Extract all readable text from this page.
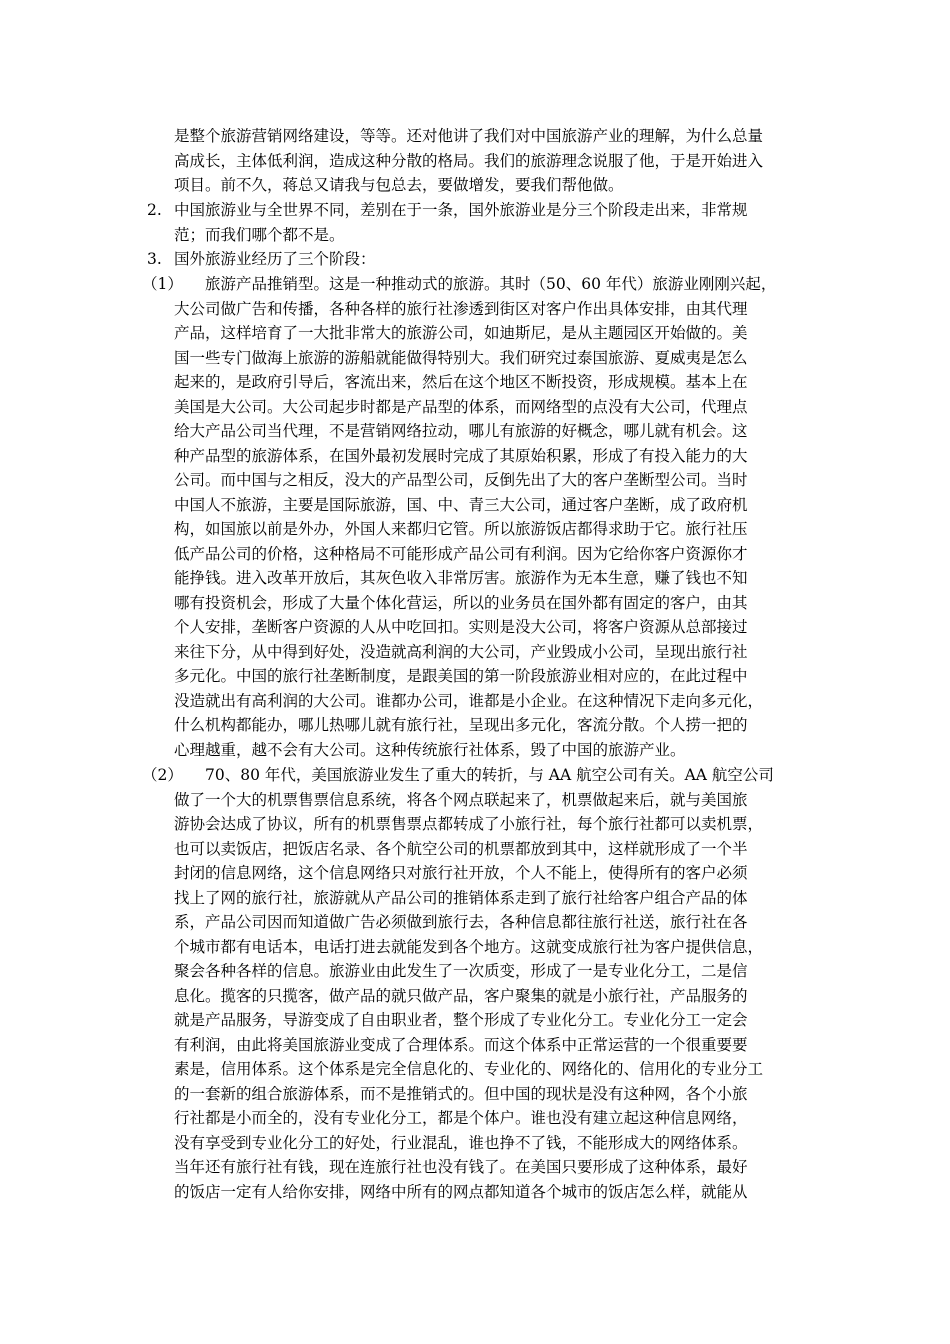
是整个旅游营销网络建设，等等。还对他讲了我们对中国旅游产业的理解，为什么总量

高成长，主体低利润，造成这种分散的格局。我们的旅游理念说服了他，于是开始进入

项目。前不久，蒋总又请我与包总去，要做增发，要我们帮他做。

2. 中国旅游业与全世界不同，差别在于一条，国外旅游业是分三个阶段走出来，非常规

范；而我们哪个都不是。

3. 国外旅游业经历了三个阶段：

（1）

　　旅游产品推销型。这是一种推动式的旅游。其时（50、60 年代）旅游业刚刚兴起，

大公司做广告和传播，各种各样的旅行社渗透到街区对客户作出具体安排，由其代理

产品，这样培育了一大批非常大的旅游公司，如迪斯尼，是从主题园区开始做的。美

国一些专门做海上旅游的游船就能做得特别大。我们研究过泰国旅游、夏威夷是怎么

起来的，是政府引导后，客流出来，然后在这个地区不断投资，形成规模。基本上在

美国是大公司。大公司起步时都是产品型的体系，而网络型的点没有大公司，代理点

给大产品公司当代理，不是营销网络拉动，哪儿有旅游的好概念，哪儿就有机会。这

种产品型的旅游体系，在国外最初发展时完成了其原始积累，形成了有投入能力的大

公司。而中国与之相反，没大的产品型公司，反倒先出了大的客户垄断型公司。当时

中国人不旅游，主要是国际旅游，国、中、青三大公司，通过客户垄断，成了政府机

构，如国旅以前是外办，外国人来都归它管。所以旅游饭店都得求助于它。旅行社压

低产品公司的价格，这种格局不可能形成产品公司有利润。因为它给你客户资源你才

能挣钱。进入改革开放后，其灰色收入非常厉害。旅游作为无本生意，赚了钱也不知

哪有投资机会，形成了大量个体化营运，所以的业务员在国外都有固定的客户，由其

个人安排，垄断客户资源的人从中吃回扣。实则是没大公司，将客户资源从总部接过

来往下分，从中得到好处，没造就高利润的大公司，产业毁成小公司，呈现出旅行社

多元化。中国的旅行社垄断制度，是跟美国的第一阶段旅游业相对应的，在此过程中

没造就出有高利润的大公司。谁都办公司，谁都是小企业。在这种情况下走向多元化，

什么机构都能办，哪儿热哪儿就有旅行社，呈现出多元化，客流分散。个人捞一把的

心理越重，越不会有大公司。这种传统旅行社体系，毁了中国的旅游产业。

（2）

　　70、80 年代，美国旅游业发生了重大的转折，与 AA 航空公司有关。AA 航空公司

做了一个大的机票售票信息系统，将各个网点联起来了，机票做起来后，就与美国旅

游协会达成了协议，所有的机票售票点都转成了小旅行社，每个旅行社都可以卖机票，

也可以卖饭店，把饭店名录、各个航空公司的机票都放到其中，这样就形成了一个半

封闭的信息网络，这个信息网络只对旅行社开放，个人不能上，使得所有的客户必须

找上了网的旅行社，旅游就从产品公司的推销体系走到了旅行社给客户组合产品的体

系，产品公司因而知道做广告必须做到旅行去，各种信息都往旅行社送，旅行社在各

个城市都有电话本，电话打进去就能发到各个地方。这就变成旅行社为客户提供信息，

聚会各种各样的信息。旅游业由此发生了一次质变，形成了一是专业化分工，二是信

息化。揽客的只揽客，做产品的就只做产品，客户聚集的就是小旅行社，产品服务的

就是产品服务，导游变成了自由职业者，整个形成了专业化分工。专业化分工一定会

有利润，由此将美国旅游业变成了合理体系。而这个体系中正常运营的一个很重要要

素是，信用体系。这个体系是完全信息化的、专业化的、网络化的、信用化的专业分工

的一套新的组合旅游体系，而不是推销式的。但中国的现状是没有这种网，各个小旅

行社都是小而全的，没有专业化分工，都是个体户。谁也没有建立起这种信息网络，

没有享受到专业化分工的好处，行业混乱，谁也挣不了钱，不能形成大的网络体系。

当年还有旅行社有钱，现在连旅行社也没有钱了。在美国只要形成了这种体系，最好

的饭店一定有人给你安排，网络中所有的网点都知道各个城市的饭店怎么样，就能从
